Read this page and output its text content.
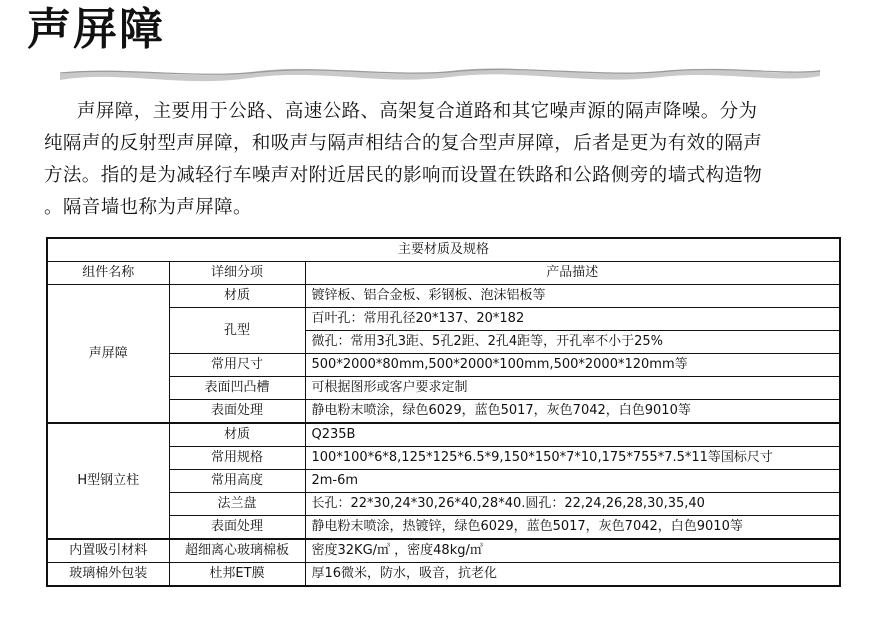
声屏障
声屏障，主要用于公路、高速公路、高架复合道路和其它噪声源的隔声降噪。分为
纯隔声的反射型声屏障，和吸声与隔声相结合的复合型声屏障，后者是更为有效的隔声
方法。指的是为减轻行车噪声对附近居民的影响而设置在铁路和公路侧旁的墙式构造物
。隔音墙也称为声屏障。
主要材质及规格		
组件名称	详细分项	产品描述
声屏障	材质	镀锌板、铝合金板、彩钢板、泡沫铝板等
	孔型	百叶孔：常用孔径20*137、20*182
		微孔：常用3孔3距、5孔2距、2孔4距等，开孔率不小于25%
	常用尺寸	500*2000*80mm,500*2000*100mm,500*2000*120mm等
	表面凹凸槽	可根据图形或客户要求定制
	表面处理	静电粉末喷涂，绿色6029，蓝色5017，灰色7042，白色9010等
H型钢立柱	材质	Q235B
	常用规格	100*100*6*8,125*125*6.5*9,150*150*7*10,175*755*7.5*11等国标尺寸
	常用高度	2m-6m
	法兰盘	长孔：22*30,24*30,26*40,28*40.圆孔：22,24,26,28,30,35,40
	表面处理	静电粉末喷涂，热镀锌，绿色6029，蓝色5017，灰色7042，白色9010等
内置吸引材料	超细离心玻璃棉板	密度32KG/㎥ ，密度48kg/㎥
玻璃棉外包装	杜邦ET膜	厚16微米，防水，吸音，抗老化
